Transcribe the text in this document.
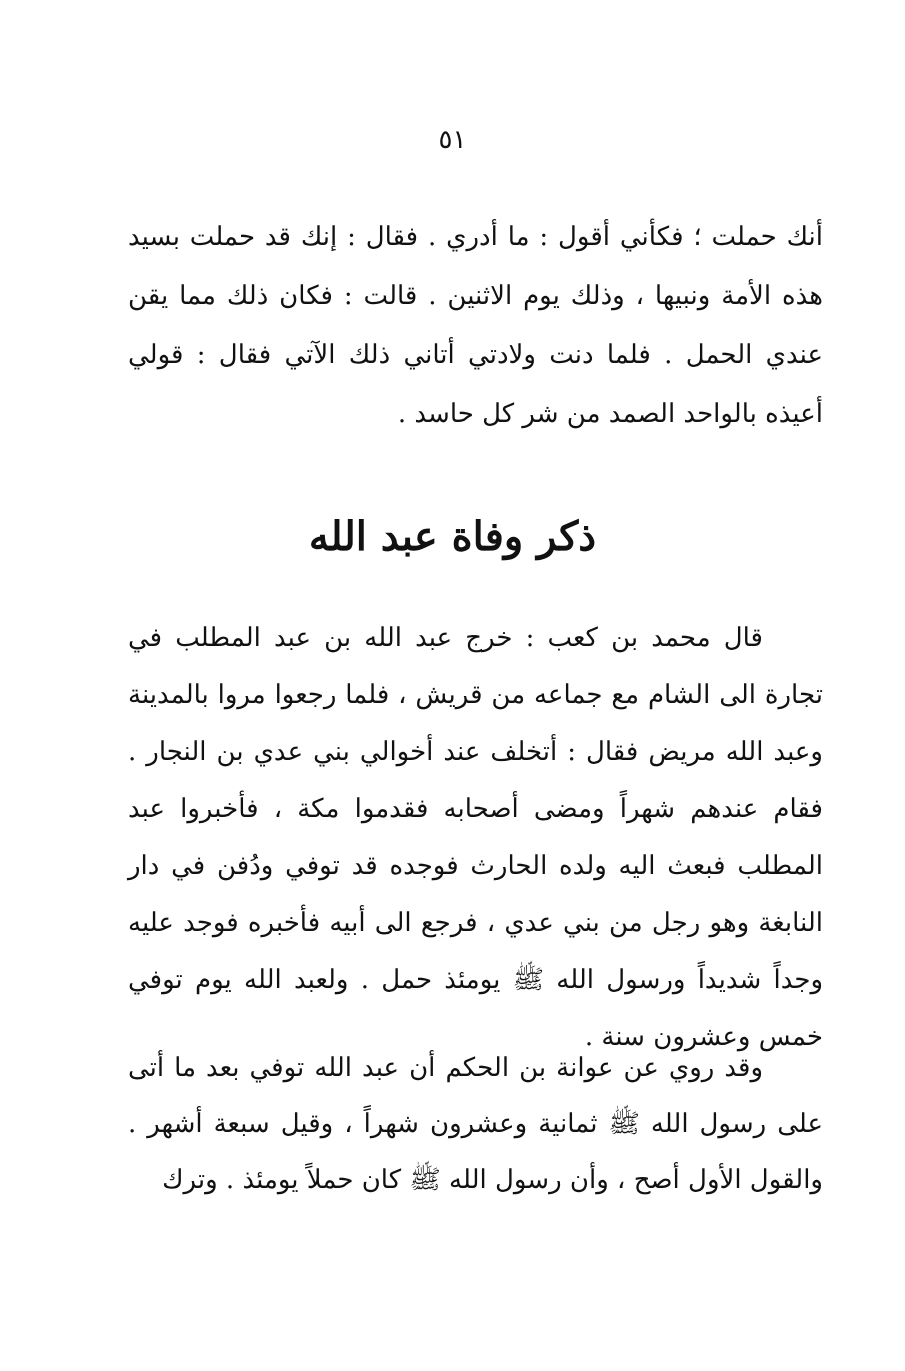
٥١
أنك حملت ؛ فكأني أقول : ما أدري . فقال : إنك قد حملت بسيد هذه الأمة ونبيها ، وذلك يوم الاثنين . قالت : فكان ذلك مما يقن عندي الحمل . فلما دنت ولادتي أتاني ذلك الآتي فقال : قولي أعيذه بالواحد الصمد من شر كل حاسد .
ذكر وفاة عبد الله

قال محمد بن كعب : خرج عبد الله بن عبد المطلب في تجارة الى الشام مع جماعه من قريش ، فلما رجعوا مروا بالمدينة وعبد الله مريض فقال : أتخلف عند أخوالي بني عدي بن النجار . فقام عندهم شهراً ومضى أصحابه فقدموا مكة ، فأخبروا عبد المطلب فبعث اليه ولده الحارث فوجده قد توفي ودُفن في دار النابغة وهو رجل من بني عدي ، فرجع الى أبيه فأخبره فوجد عليه وجداً شديداً ورسول الله ﷺ يومئذ حمل . ولعبد الله يوم توفي خمس وعشرون سنة .

وقد روي عن عوانة بن الحكم أن عبد الله توفي بعد ما أتى على رسول الله ﷺ ثمانية وعشرون شهراً ، وقيل سبعة أشهر . والقول الأول أصح ، وأن رسول الله ﷺ كان حملاً يومئذ . وترك
